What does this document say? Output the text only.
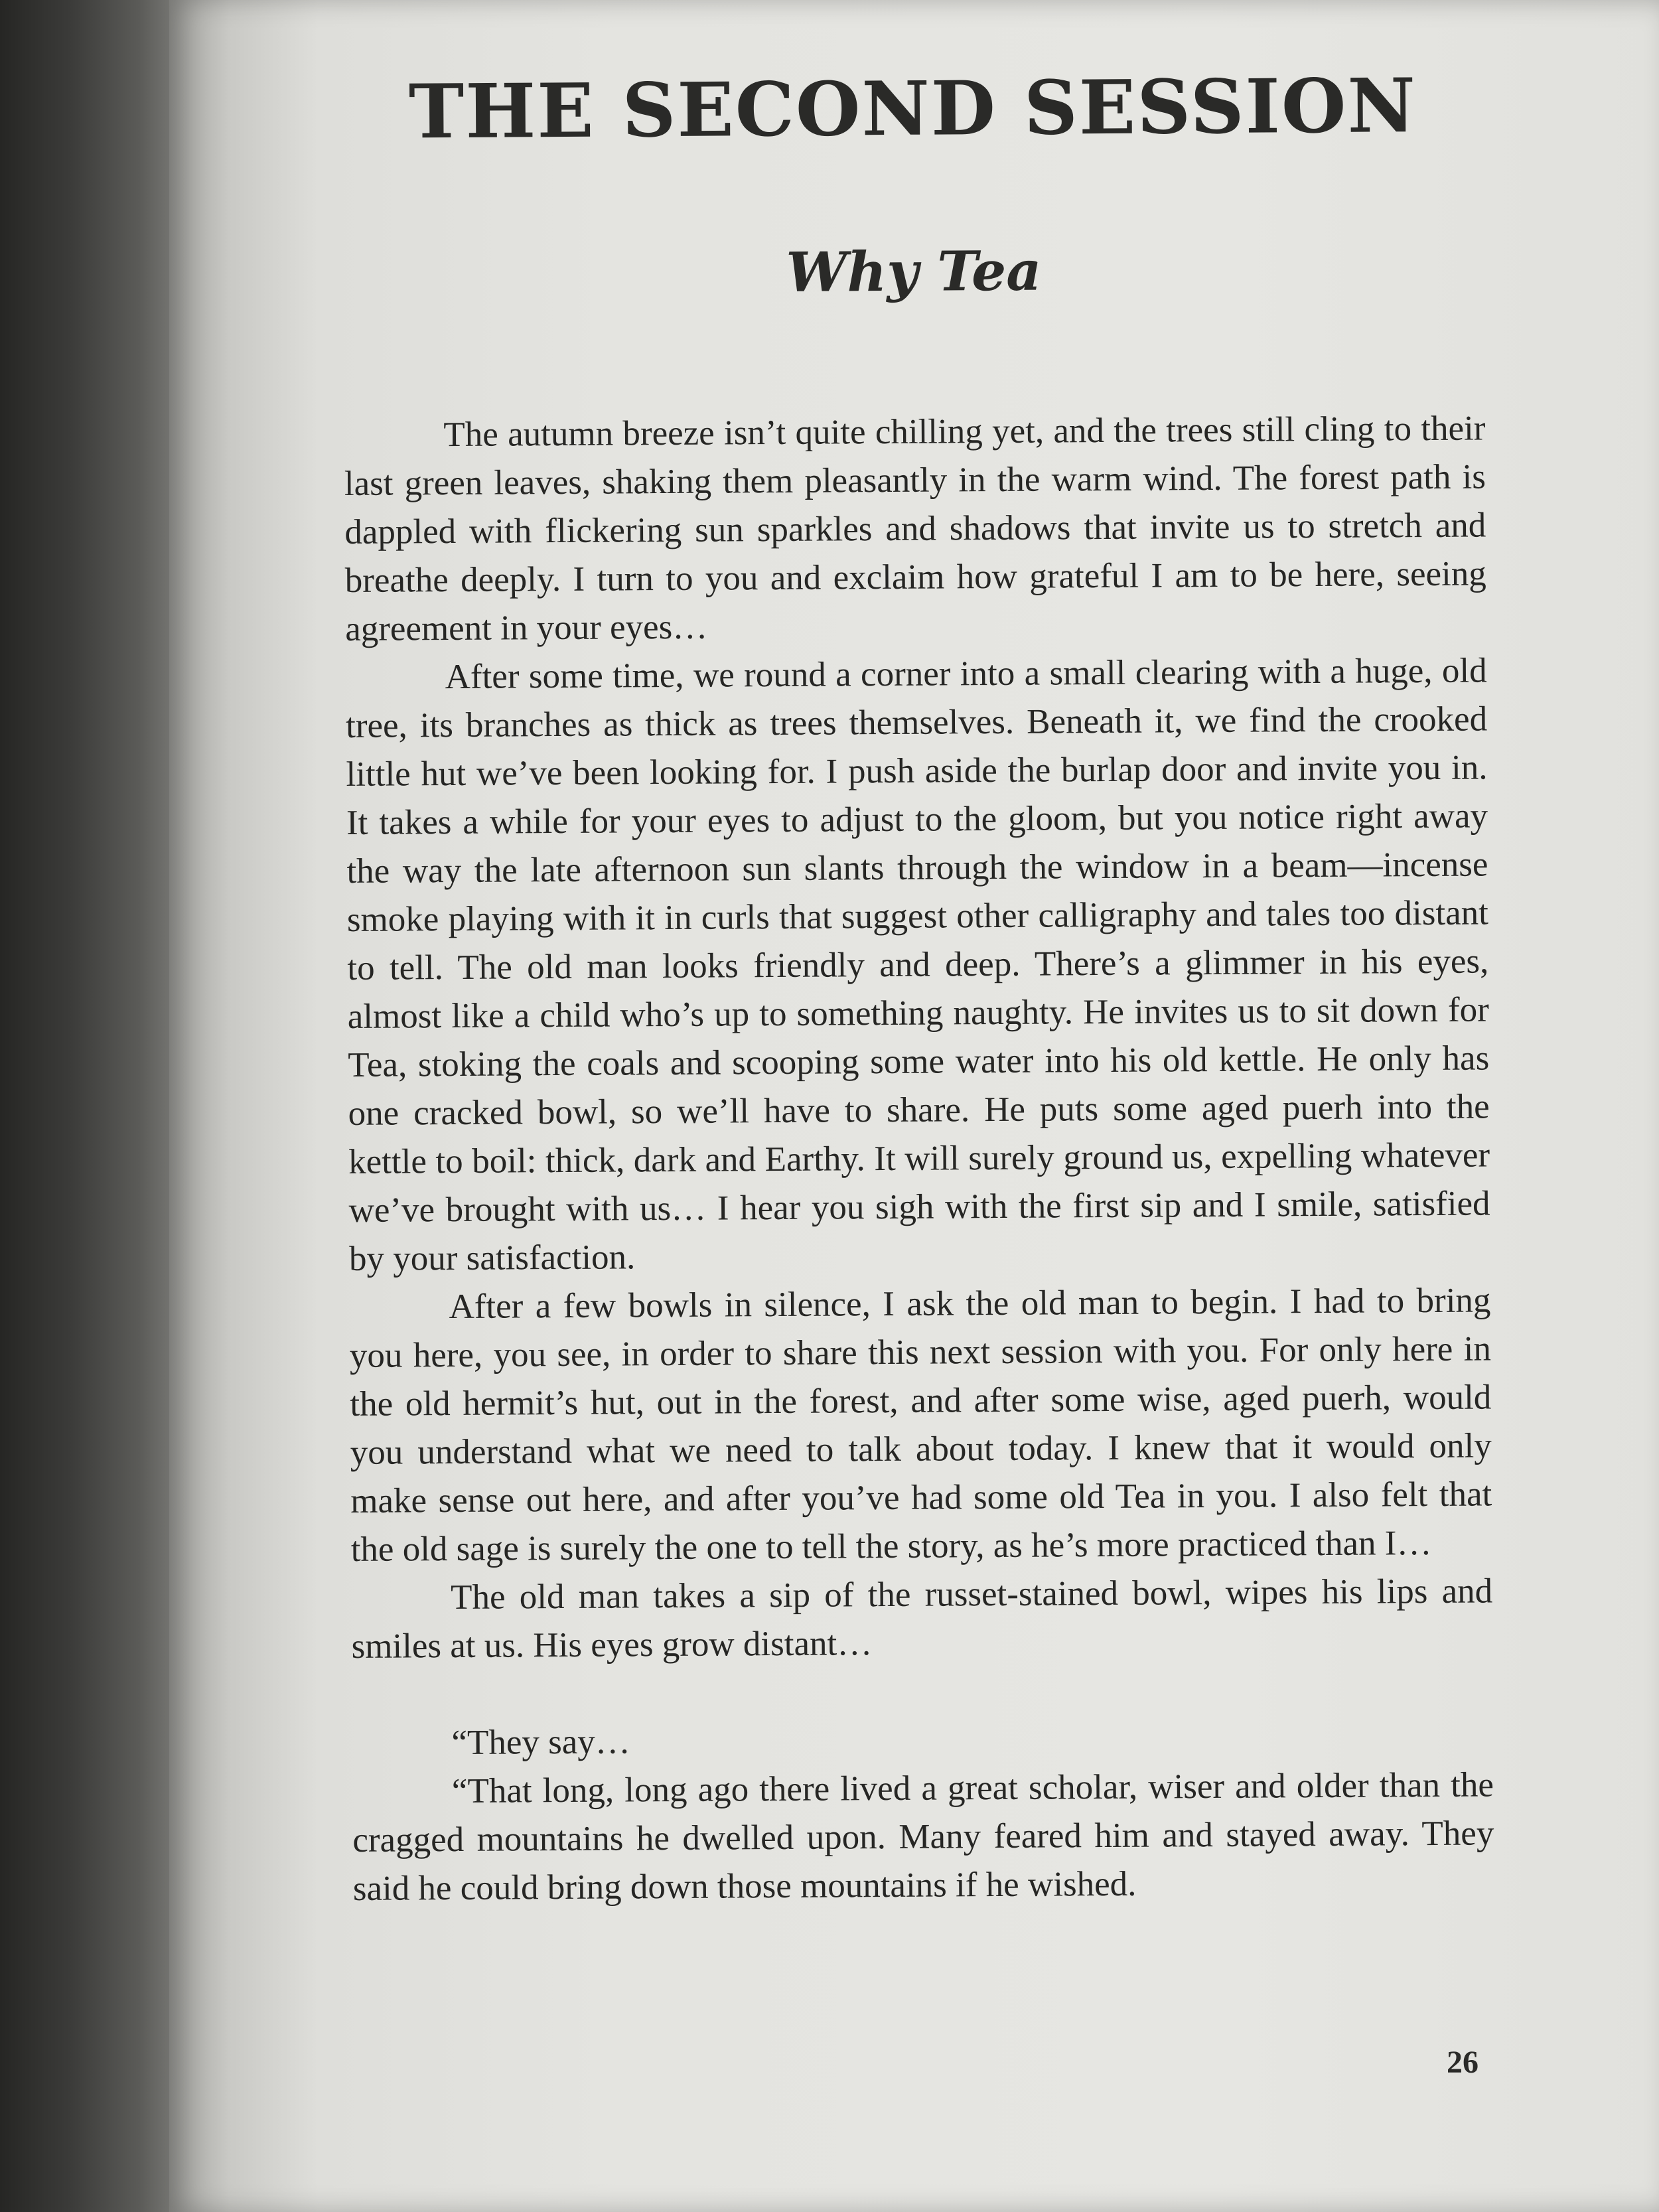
THE SECOND SESSION
Why Tea

The autumn breeze isn’t quite chilling yet, and the trees still cling to their last green leaves, shaking them pleasantly in the warm wind. The forest path is dappled with flickering sun sparkles and shadows that invite us to stretch and breathe deeply. I turn to you and exclaim how grateful I am to be here, seeing agreement in your eyes…

After some time, we round a corner into a small clearing with a huge, old tree, its branches as thick as trees themselves. Beneath it, we find the crooked little hut we’ve been looking for. I push aside the burlap door and invite you in. It takes a while for your eyes to adjust to the gloom, but you notice right away the way the late afternoon sun slants through the window in a beam—incense smoke playing with it in curls that suggest other calligraphy and tales too distant to tell. The old man looks friendly and deep. There’s a glimmer in his eyes, almost like a child who’s up to something naughty. He invites us to sit down for Tea, stoking the coals and scooping some water into his old kettle. He only has one cracked bowl, so we’ll have to share. He puts some aged puerh into the kettle to boil: thick, dark and Earthy. It will surely ground us, expelling whatever we’ve brought with us… I hear you sigh with the first sip and I smile, satisfied by your satisfaction.

After a few bowls in silence, I ask the old man to begin. I had to bring you here, you see, in order to share this next session with you. For only here in the old hermit’s hut, out in the forest, and after some wise, aged puerh, would you understand what we need to talk about today. I knew that it would only make sense out here, and after you’ve had some old Tea in you. I also felt that the old sage is surely the one to tell the story, as he’s more practiced than I…

The old man takes a sip of the russet-stained bowl, wipes his lips and smiles at us. His eyes grow distant…

“They say…

“That long, long ago there lived a great scholar, wiser and older than the cragged mountains he dwelled upon. Many feared him and stayed away. They said he could bring down those mountains if he wished.

26
